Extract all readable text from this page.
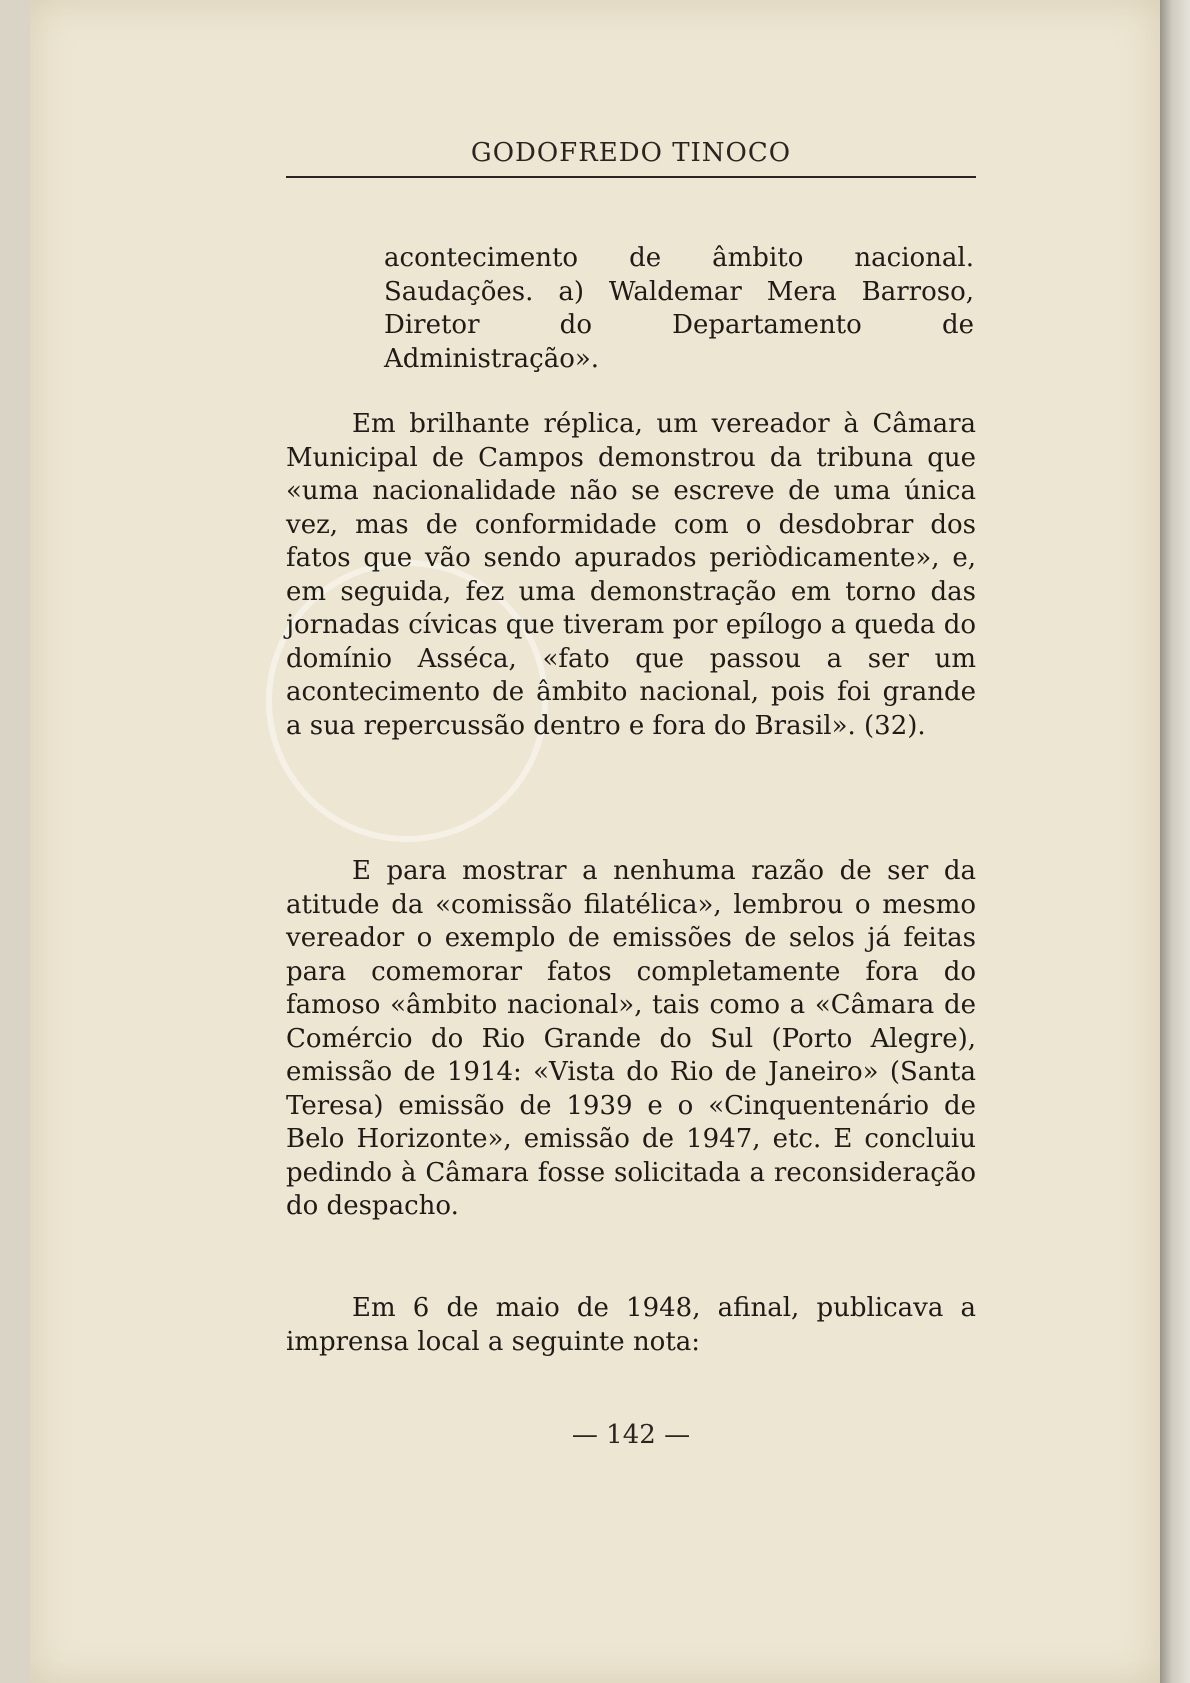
GODOFREDO TINOCO

acontecimento de âmbito nacional. Saudações. a) Waldemar Mera Barroso, Diretor do Departamento de Administração».

Em brilhante réplica, um vereador à Câmara Municipal de Campos demonstrou da tribuna que «uma nacionalidade não se escreve de uma única vez, mas de conformidade com o desdobrar dos fatos que vão sendo apurados periòdicamente», e, em seguida, fez uma demonstração em torno das jornadas cívicas que tiveram por epílogo a queda do domínio Asséca, «fato que passou a ser um acontecimento de âmbito nacional, pois foi grande a sua repercussão dentro e fora do Brasil». (32).

E para mostrar a nenhuma razão de ser da atitude da «comissão filatélica», lembrou o mesmo vereador o exemplo de emissões de selos já feitas para comemorar fatos completamente fora do famoso «âmbito nacional», tais como a «Câmara de Comércio do Rio Grande do Sul (Porto Alegre), emissão de 1914: «Vista do Rio de Janeiro» (Santa Teresa) emissão de 1939 e o «Cinquentenário de Belo Horizonte», emissão de 1947, etc. E concluiu pedindo à Câmara fosse solicitada a reconsideração do despacho.

Em 6 de maio de 1948, afinal, publicava a imprensa local a seguinte nota:

— 142 —
